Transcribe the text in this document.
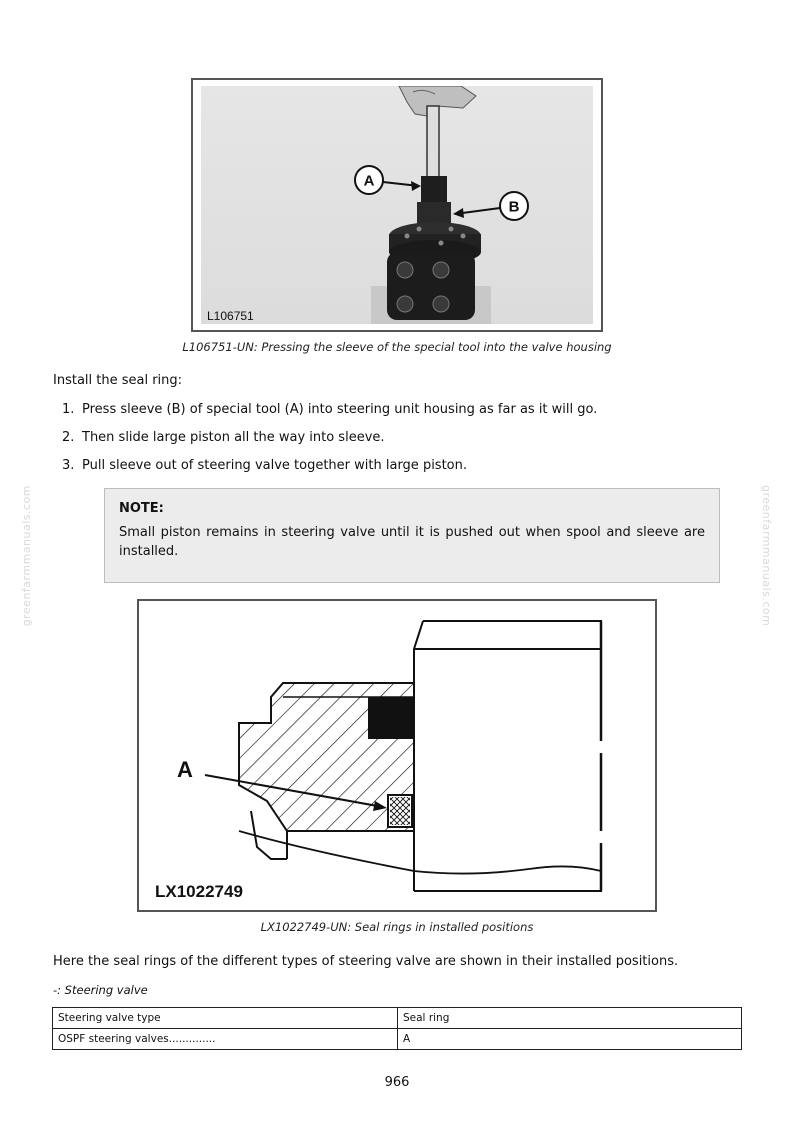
greenfarmmanuals.com	greenfarmmanuals.com
A
B
L106751
L106751-UN: Pressing the sleeve of the special tool into the valve housing
Install the seal ring:
1. Press sleeve (B) of special tool (A) into steering unit housing as far as it will go.
2. Then slide large piston all the way into sleeve.
3. Pull sleeve out of steering valve together with large piston.
NOTE:
Small piston remains in steering valve until it is pushed out when spool and sleeve are installed.
A
LX1022749
LX1022749-UN: Seal rings in installed positions
Here the seal rings of the different types of steering valve are shown in their installed positions.
-: Steering valve
Steering valve type	Seal ring
OSPF steering valves..............	A
966
